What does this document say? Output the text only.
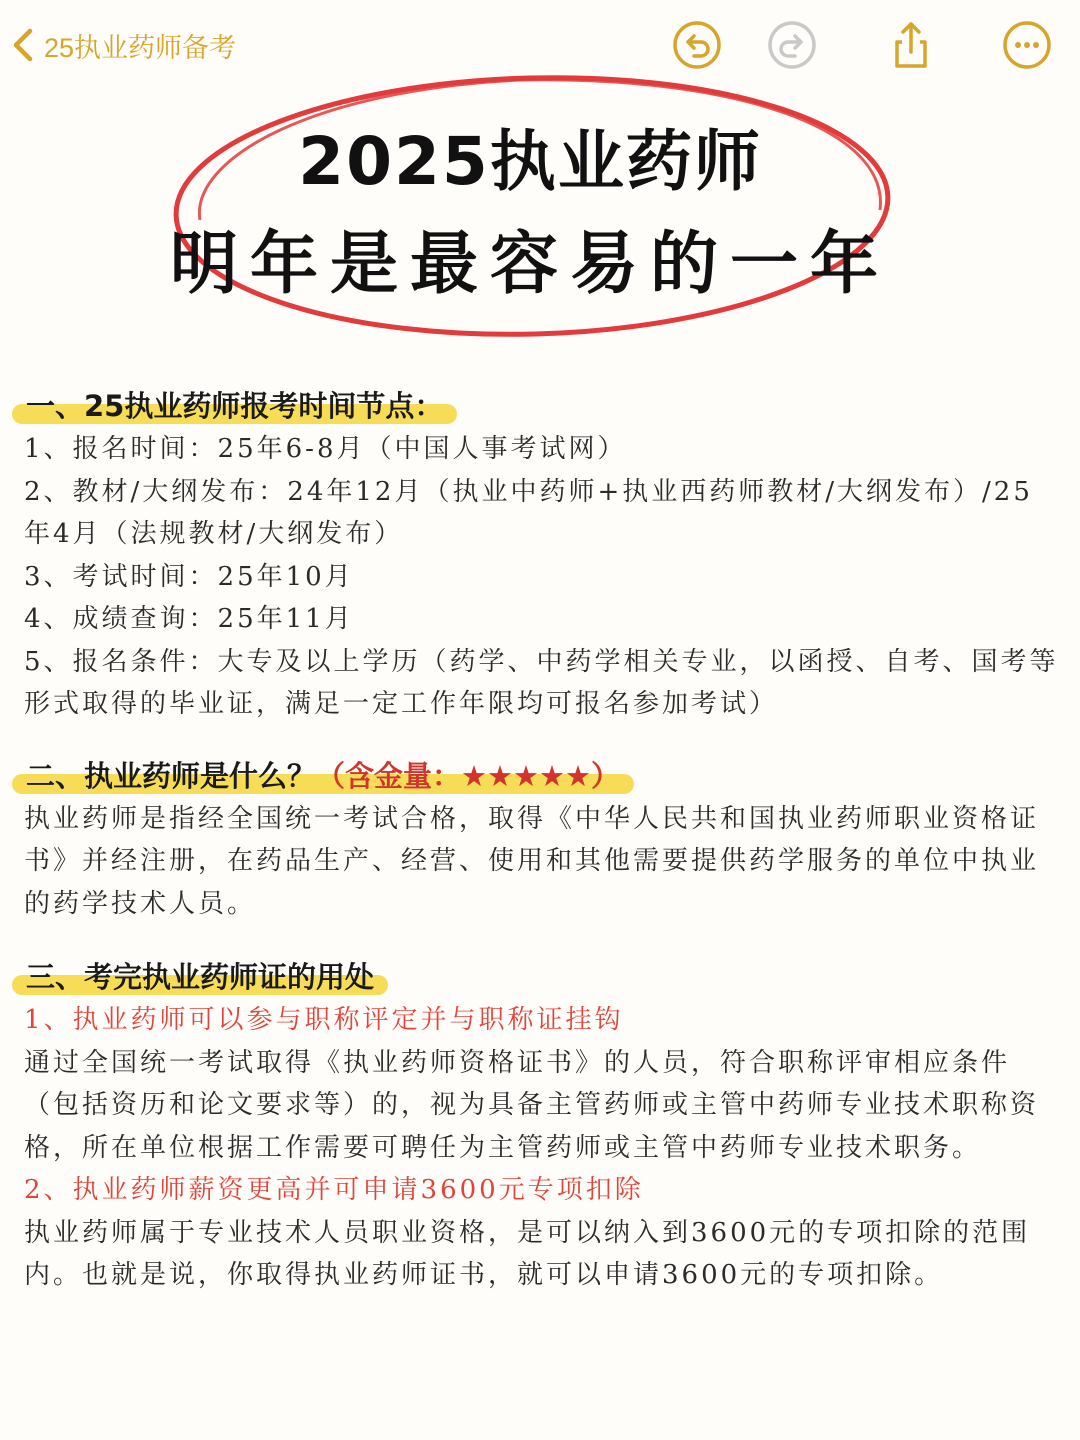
25执业药师备考
2025执业药师
明年是最容易的一年
一、25执业药师报考时间节点：

1、报名时间：25年6-8月（中国人事考试网）

2、教材/大纲发布：24年12月（执业中药师+执业西药师教材/大纲发布）/25年4月（法规教材/大纲发布）

3、考试时间：25年10月

4、成绩查询：25年11月

5、报名条件：大专及以上学历（药学、中药学相关专业，以函授、自考、国考等形式取得的毕业证，满足一定工作年限均可报名参加考试）

二、执业药师是什么？（含金量：★★★★★）

执业药师是指经全国统一考试合格，取得《中华人民共和国执业药师职业资格证书》并经注册，在药品生产、经营、使用和其他需要提供药学服务的单位中执业的药学技术人员。

三、考完执业药师证的用处

1、执业药师可以参与职称评定并与职称证挂钩

通过全国统一考试取得《执业药师资格证书》的人员，符合职称评审相应条件（包括资历和论文要求等）的，视为具备主管药师或主管中药师专业技术职称资格，所在单位根据工作需要可聘任为主管药师或主管中药师专业技术职务。

2、执业药师薪资更高并可申请3600元专项扣除

执业药师属于专业技术人员职业资格，是可以纳入到3600元的专项扣除的范围内。也就是说，你取得执业药师证书，就可以申请3600元的专项扣除。
